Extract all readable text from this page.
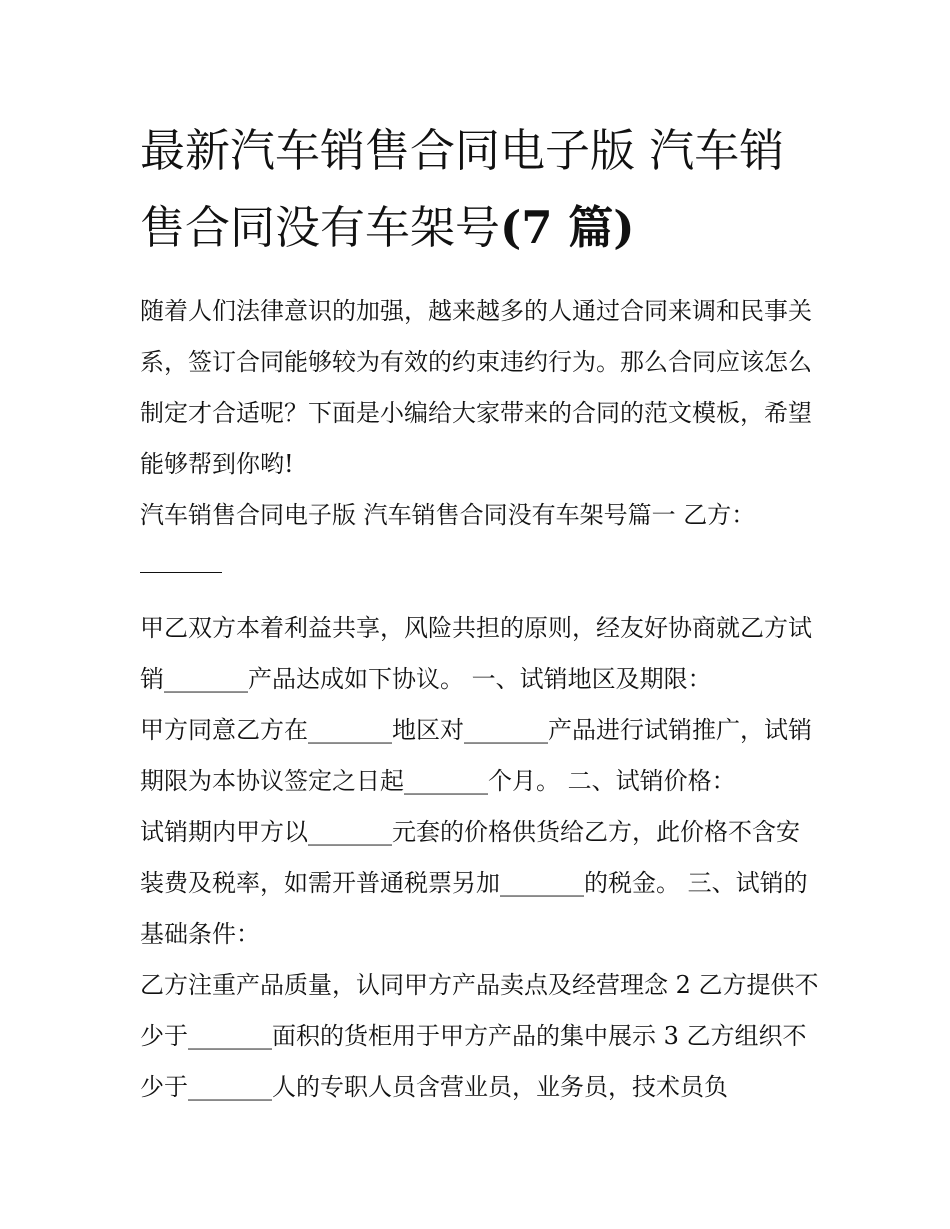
最新汽车销售合同电子版 汽车销售合同没有车架号(7 篇)

随着人们法律意识的加强，越来越多的人通过合同来调和民事关系，签订合同能够较为有效的约束违约行为。那么合同应该怎么制定才合适呢？下面是小编给大家带来的合同的范文模板，希望能够帮到你哟!

汽车销售合同电子版 汽车销售合同没有车架号篇一 乙方：

甲乙双方本着利益共享，风险共担的原则，经友好协商就乙方试销_______产品达成如下协议。 一、试销地区及期限：

甲方同意乙方在_______地区对_______产品进行试销推广，试销期限为本协议签定之日起_______个月。 二、试销价格：

试销期内甲方以_______元套的价格供货给乙方，此价格不含安装费及税率，如需开普通税票另加_______的税金。 三、试销的基础条件：

乙方注重产品质量，认同甲方产品卖点及经营理念 2 乙方提供不少于_______面积的货柜用于甲方产品的集中展示 3 乙方组织不少于_______人的专职人员含营业员，业务员，技术员负
